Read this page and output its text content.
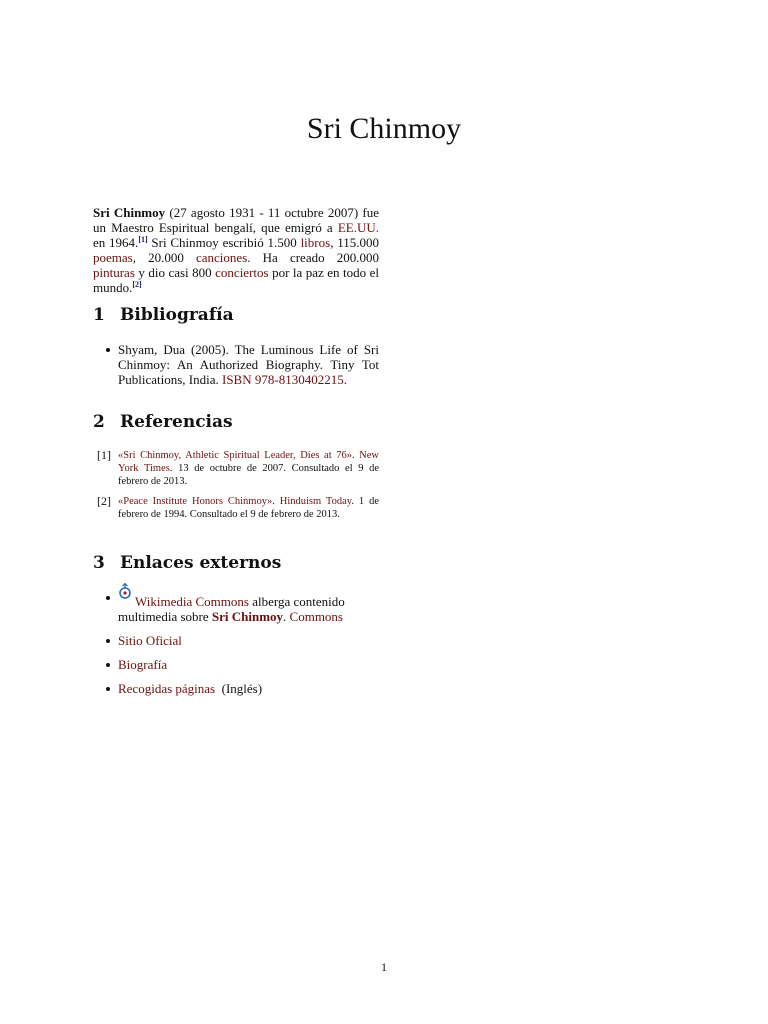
Sri Chinmoy
Sri Chinmoy (27 agosto 1931 - 11 octubre 2007) fue un Maestro Espiritual bengalí, que emigró a EE.UU. en 1964.[1] Sri Chinmoy escribió 1.500 libros, 115.000 poemas, 20.000 canciones. Ha creado 200.000 pinturas y dio casi 800 conciertos por la paz en todo el mundo.[2]
1 Bibliografía
Shyam, Dua (2005). The Luminous Life of Sri Chinmoy: An Authorized Biography. Tiny Tot Publications, India. ISBN 978-8130402215.
2 Referencias
[1] «Sri Chinmoy, Athletic Spiritual Leader, Dies at 76». New York Times. 13 de octubre de 2007. Consultado el 9 de febrero de 2013.
[2] «Peace Institute Honors Chinmoy». Hinduism Today. 1 de febrero de 1994. Consultado el 9 de febrero de 2013.
3 Enlaces externos
Wikimedia Commons alberga contenido multimedia sobre Sri Chinmoy. Commons
Sitio Oficial
Biografía
Recogidas páginas  (Inglés)
1
